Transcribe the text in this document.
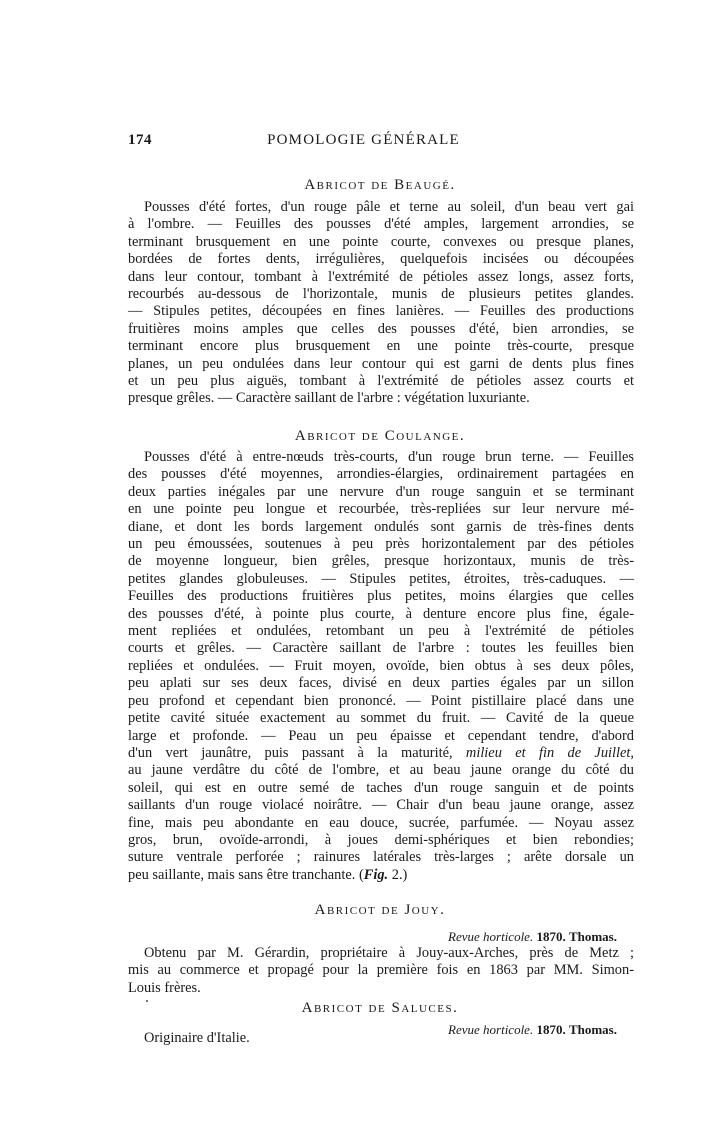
174	POMOLOGIE GÉNÉRALE
Abricot de Beaugé.
Pousses d'été fortes, d'un rouge pâle et terne au soleil, d'un beau vert gai
à l'ombre. — Feuilles des pousses d'été amples, largement arrondies, se
terminant brusquement en une pointe courte, convexes ou presque planes,
bordées de fortes dents, irrégulières, quelquefois incisées ou découpées
dans leur contour, tombant à l'extrémité de pétioles assez longs, assez forts,
recourbés au-dessous de l'horizontale, munis de plusieurs petites glandes.
— Stipules petites, découpées en fines lanières. — Feuilles des productions
fruitières moins amples que celles des pousses d'été, bien arrondies, se
terminant encore plus brusquement en une pointe très-courte, presque
planes, un peu ondulées dans leur contour qui est garni de dents plus fines
et un peu plus aiguës, tombant à l'extrémité de pétioles assez courts et
presque grêles. — Caractère saillant de l'arbre : végétation luxuriante.
Abricot de Coulange.
Pousses d'été à entre-nœuds très-courts, d'un rouge brun terne. — Feuilles
des pousses d'été moyennes, arrondies-élargies, ordinairement partagées en
deux parties inégales par une nervure d'un rouge sanguin et se terminant
en une pointe peu longue et recourbée, très-repliées sur leur nervure mé-
diane, et dont les bords largement ondulés sont garnis de très-fines dents
un peu émoussées, soutenues à peu près horizontalement par des pétioles
de moyenne longueur, bien grêles, presque horizontaux, munis de très-
petites glandes globuleuses. — Stipules petites, étroites, très-caduques. —
Feuilles des productions fruitières plus petites, moins élargies que celles
des pousses d'été, à pointe plus courte, à denture encore plus fine, égale-
ment repliées et ondulées, retombant un peu à l'extrémité de pétioles
courts et grêles. — Caractère saillant de l'arbre : toutes les feuilles bien
repliées et ondulées. — Fruit moyen, ovoïde, bien obtus à ses deux pôles,
peu aplati sur ses deux faces, divisé en deux parties égales par un sillon
peu profond et cependant bien prononcé. — Point pistillaire placé dans une
petite cavité située exactement au sommet du fruit. — Cavité de la queue
large et profonde. — Peau un peu épaisse et cependant tendre, d'abord
d'un vert jaunâtre, puis passant à la maturité, milieu et fin de Juillet,
au jaune verdâtre du côté de l'ombre, et au beau jaune orange du côté du
soleil, qui est en outre semé de taches d'un rouge sanguin et de points
saillants d'un rouge violacé noirâtre. — Chair d'un beau jaune orange, assez
fine, mais peu abondante en eau douce, sucrée, parfumée. — Noyau assez
gros, brun, ovoïde-arrondi, à joues demi-sphériques et bien rebondies;
suture ventrale perforée ; rainures latérales très-larges ; arête dorsale un
peu saillante, mais sans être tranchante. (Fig. 2.)
Abricot de Jouy.
Revue horticole. 1870. Thomas.
Obtenu par M. Gérardin, propriétaire à Jouy-aux-Arches, près de Metz ;
mis au commerce et propagé pour la première fois en 1863 par MM. Simon-
Louis frères.
Abricot de Saluces.
Revue horticole. 1870. Thomas.
Originaire d'Italie.
